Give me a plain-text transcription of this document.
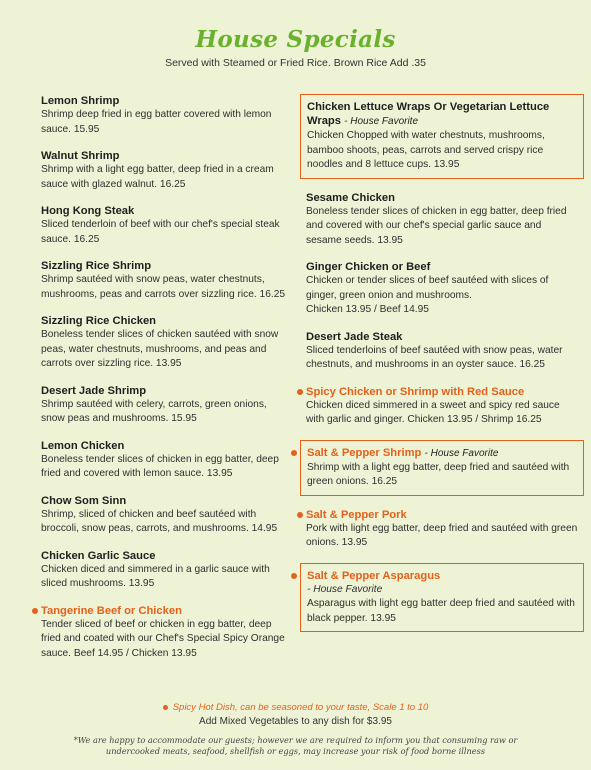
House Specials
Served with Steamed or Fried Rice. Brown Rice Add .35
Lemon Shrimp
Shrimp deep fried in egg batter covered with lemon sauce. 15.95
Walnut Shrimp
Shrimp with a light egg batter, deep fried in a cream sauce with glazed walnut. 16.25
Hong Kong Steak
Sliced tenderloin of beef with our chef's special steak sauce. 16.25
Sizzling Rice Shrimp
Shrimp sautéed with snow peas, water chestnuts, mushrooms, peas and carrots over sizzling rice. 16.25
Sizzling Rice Chicken
Boneless tender slices of chicken sautéed with snow peas, water chestnuts, mushrooms, and peas and carrots over sizzling rice. 13.95
Desert Jade Shrimp
Shrimp sautéed with celery, carrots, green onions, snow peas and mushrooms. 15.95
Lemon Chicken
Boneless tender slices of chicken in egg batter, deep fried and covered with lemon sauce. 13.95
Chow Som Sinn
Shrimp, sliced of chicken and beef sautéed with broccoli, snow peas, carrots, and mushrooms. 14.95
Chicken Garlic Sauce
Chicken diced and simmered in a garlic sauce with sliced mushrooms. 13.95
Tangerine Beef or Chicken
Tender sliced of beef or chicken in egg batter, deep fried and coated with our Chef's Special Spicy Orange sauce. Beef 14.95 / Chicken 13.95
Chicken Lettuce Wraps Or Vegetarian Lettuce Wraps - House Favorite
Chicken Chopped with water chestnuts, mushrooms, bamboo shoots, peas, carrots and served crispy rice noodles and 8 lettuce cups. 13.95
Sesame Chicken
Boneless tender slices of chicken in egg batter, deep fried and covered with our chef's special garlic sauce and sesame seeds. 13.95
Ginger Chicken or Beef
Chicken or tender slices of beef sautéed with slices of ginger, green onion and mushrooms.
Chicken 13.95 / Beef 14.95
Desert Jade Steak
Sliced tenderloins of beef sautéed with snow peas, water chestnuts, and mushrooms in an oyster sauce. 16.25
Spicy Chicken or Shrimp with Red Sauce
Chicken diced simmered in a sweet and spicy red sauce with garlic and ginger. Chicken 13.95 / Shrimp 16.25
Salt & Pepper Shrimp - House Favorite
Shrimp with a light egg batter, deep fried and sautéed with green onions. 16.25
Salt & Pepper Pork
Pork with light egg batter, deep fried and sautéed with green onions. 13.95
Salt & Pepper Asparagus
- House Favorite
Asparagus with light egg batter deep fried and sautéed with black pepper. 13.95
Spicy Hot Dish, can be seasoned to your taste, Scale 1 to 10
Add Mixed Vegetables to any dish for $3.95
*We are happy to accommodate our guests; however we are required to inform you that consuming raw or undercooked meats, seafood, shellfish or eggs, may increase your risk of food borne illness
